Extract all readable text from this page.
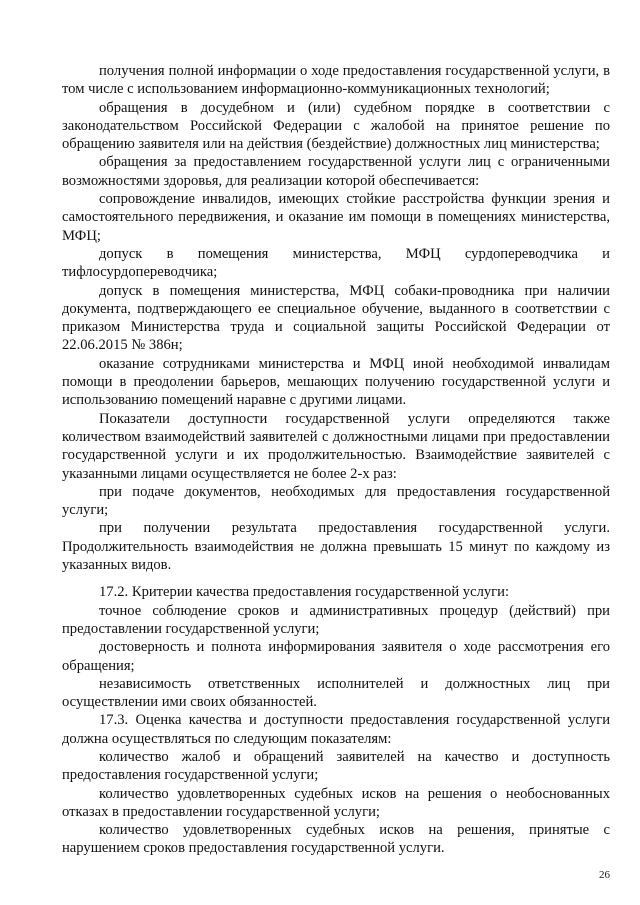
получения полной информации о ходе предоставления государственной услуги, в том числе с использованием информационно-коммуникационных технологий;

обращения в досудебном и (или) судебном порядке в соответствии с законодательством Российской Федерации с жалобой на принятое решение по обращению заявителя или на действия (бездействие) должностных лиц министерства;

обращения за предоставлением государственной услуги лиц с ограниченными возможностями здоровья, для реализации которой обеспечивается:

сопровождение инвалидов, имеющих стойкие расстройства функции зрения и самостоятельного передвижения, и оказание им помощи в помещениях министерства, МФЦ;

допуск в помещения министерства, МФЦ сурдопереводчика и тифлосурдопереводчика;

допуск в помещения министерства, МФЦ собаки-проводника при наличии документа, подтверждающего ее специальное обучение, выданного в соответствии с приказом Министерства труда и социальной защиты Российской Федерации от 22.06.2015 № 386н;

оказание сотрудниками министерства и МФЦ иной необходимой инвалидам помощи в преодолении барьеров, мешающих получению государственной услуги и использованию помещений наравне с другими лицами.

Показатели доступности государственной услуги определяются также количеством взаимодействий заявителей с должностными лицами при предоставлении государственной услуги и их продолжительностью. Взаимодействие заявителей с указанными лицами осуществляется не более 2-х раз:

при подаче документов, необходимых для предоставления государственной услуги;

при получении результата предоставления государственной услуги. Продолжительность взаимодействия не должна превышать 15 минут по каждому из указанных видов.

17.2. Критерии качества предоставления государственной услуги:

точное соблюдение сроков и административных процедур (действий) при предоставлении государственной услуги;

достоверность и полнота информирования заявителя о ходе рассмотрения его обращения;

независимость ответственных исполнителей и должностных лиц при осуществлении ими своих обязанностей.

17.3. Оценка качества и доступности предоставления государственной услуги должна осуществляться по следующим показателям:

количество жалоб и обращений заявителей на качество и доступность предоставления государственной услуги;

количество удовлетворенных судебных исков на решения о необоснованных отказах в предоставлении государственной услуги;

количество удовлетворенных судебных исков на решения, принятые с нарушением сроков предоставления государственной услуги.

26
